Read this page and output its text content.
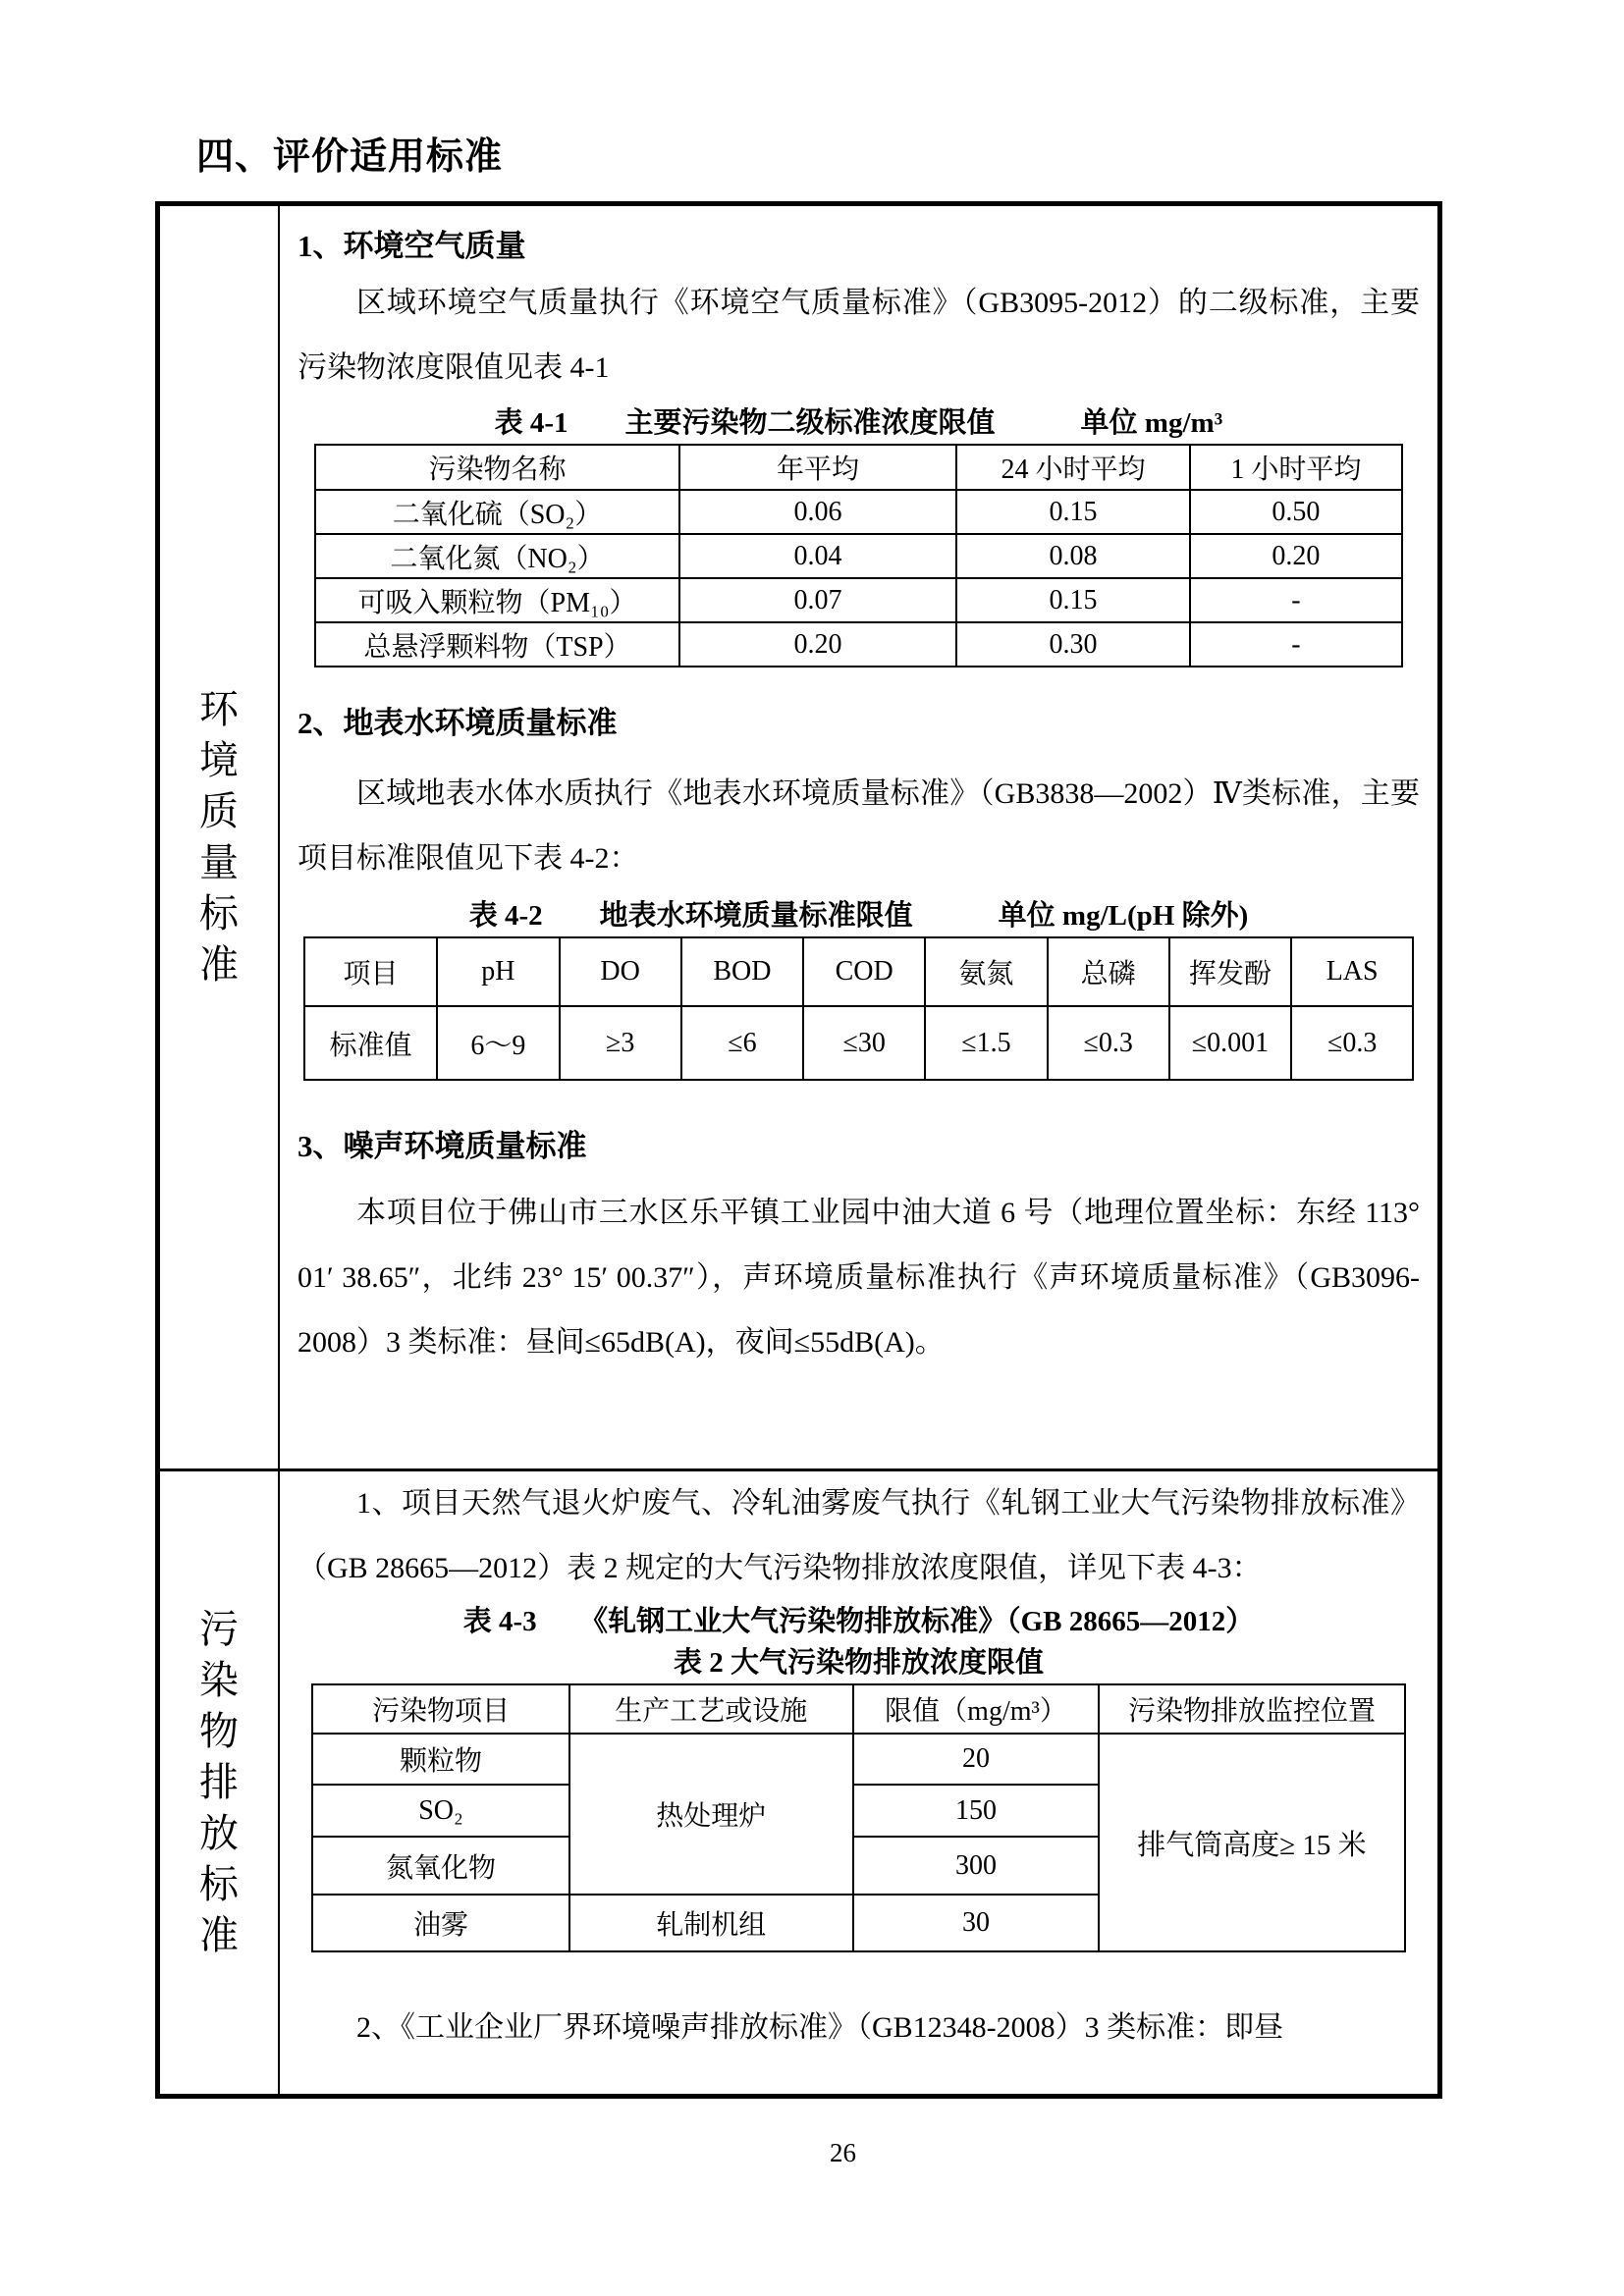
四、评价适用标准
环境质量标准
1、环境空气质量

区域环境空气质量执行《环境空气质量标准》（GB3095-2012）的二级标准，主要污染物浓度限值见表 4-1

表 4-1　　主要污染物二级标准浓度限值　　　单位 mg/m³
污染物名称	年平均	24 小时平均	1 小时平均
二氧化硫（SO₂）	0.06	0.15	0.50
二氧化氮（NO₂）	0.04	0.08	0.20
可吸入颗粒物（PM₁₀）	0.07	0.15	-
总悬浮颗料物（TSP）	0.20	0.30	-
2、地表水环境质量标准

区域地表水体水质执行《地表水环境质量标准》（GB3838—2002）Ⅳ类标准，主要项目标准限值见下表 4-2：

表 4-2　　地表水环境质量标准限值　　　单位 mg/L(pH 除外)
项目	pH	DO	BOD	COD	氨氮	总磷	挥发酚	LAS
标准值	6～9	≥3	≤6	≤30	≤1.5	≤0.3	≤0.001	≤0.3
3、噪声环境质量标准

本项目位于佛山市三水区乐平镇工业园中油大道 6 号（地理位置坐标：东经 113° 01′ 38.65″，北纬 23° 15′ 00.37″），声环境质量标准执行《声环境质量标准》（GB3096-2008）3 类标准：昼间≤65dB(A)，夜间≤55dB(A)。

污染物排放标准

1、项目天然气退火炉废气、冷轧油雾废气执行《轧钢工业大气污染物排放标准》（GB 28665—2012）表 2 规定的大气污染物排放浓度限值，详见下表 4-3：

表 4-3　　《轧钢工业大气污染物排放标准》（GB 28665—2012）
表 2 大气污染物排放浓度限值
污染物项目	生产工艺或设施	限值（mg/m³）	污染物排放监控位置
颗粒物	热处理炉	20	排气筒高度≥ 15 米
SO₂		150	
氮氧化物		300	
油雾	轧制机组	30	

2、《工业企业厂界环境噪声排放标准》（GB12348-2008）3 类标准：即昼

26
